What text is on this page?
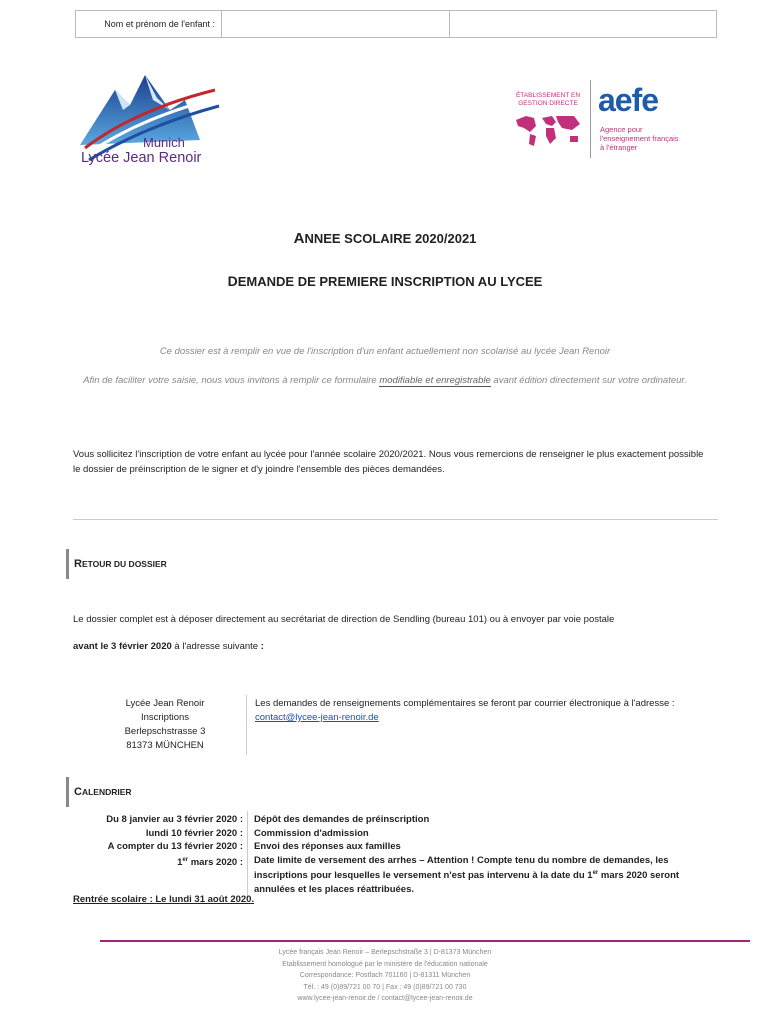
Nom et prénom de l'enfant :
Munich
Lycée Jean Renoir
ÉTABLISSEMENT EN GESTION DIRECTE aefe
Agence pour
l'enseignement français
à l'étranger
ANNEE SCOLAIRE 2020/2021
DEMANDE DE PREMIERE INSCRIPTION AU LYCEE
Ce dossier est à remplir en vue de l'inscription d'un enfant actuellement non scolarisé au lycée Jean Renoir
Afin de faciliter votre saisie, nous vous invitons à remplir ce formulaire modifiable et enregistrable avant édition directement sur votre ordinateur.
Vous sollicitez l'inscription de votre enfant au lycée pour l'année scolaire 2020/2021. Nous vous remercions de renseigner le plus exactement possible le dossier de préinscription de le signer et d'y joindre l'ensemble des pièces demandées.
R ETOUR DU DOSSIER
Le dossier complet est à déposer directement au secrétariat de direction de Sendling (bureau 101) ou à envoyer par voie postale
avant le 3 février 2020 à l'adresse suivante :
Lycée Jean Renoir
Inscriptions
Berlepschstrasse 3
81373 MÜNCHEN
Les demandes de renseignements complémentaires se feront par courrier électronique à l'adresse :
contact@lycee-jean-renoir.de
C ALENDRIER
Du 8 janvier au 3 février 2020 :
lundi 10 février 2020 :
A compter du 13 février 2020 :
1er mars 2020 :
Dépôt des demandes de préinscription
Commission d'admission
Envoi des réponses aux familles
Date limite de versement des arrhes – Attention ! Compte tenu du nombre de demandes, les inscriptions pour lesquelles le versement n'est pas intervenu à la date du 1er mars 2020 seront annulées et les places réattribuées.
Rentrée scolaire : Le lundi 31 août 2020.
Lycée français Jean Renoir – Berlepschstraße 3 | D-81373 München
Etablissement homologué par le ministère de l'éducation nationale
Correspondance: Postfach 701160 | D-81311 München
Tél. : 49 (0)89/721 00 70 | Fax : 49 (0)89/721 00 730
www.lycee-jean-renoir.de / contact@lycee-jean-renoir.de
